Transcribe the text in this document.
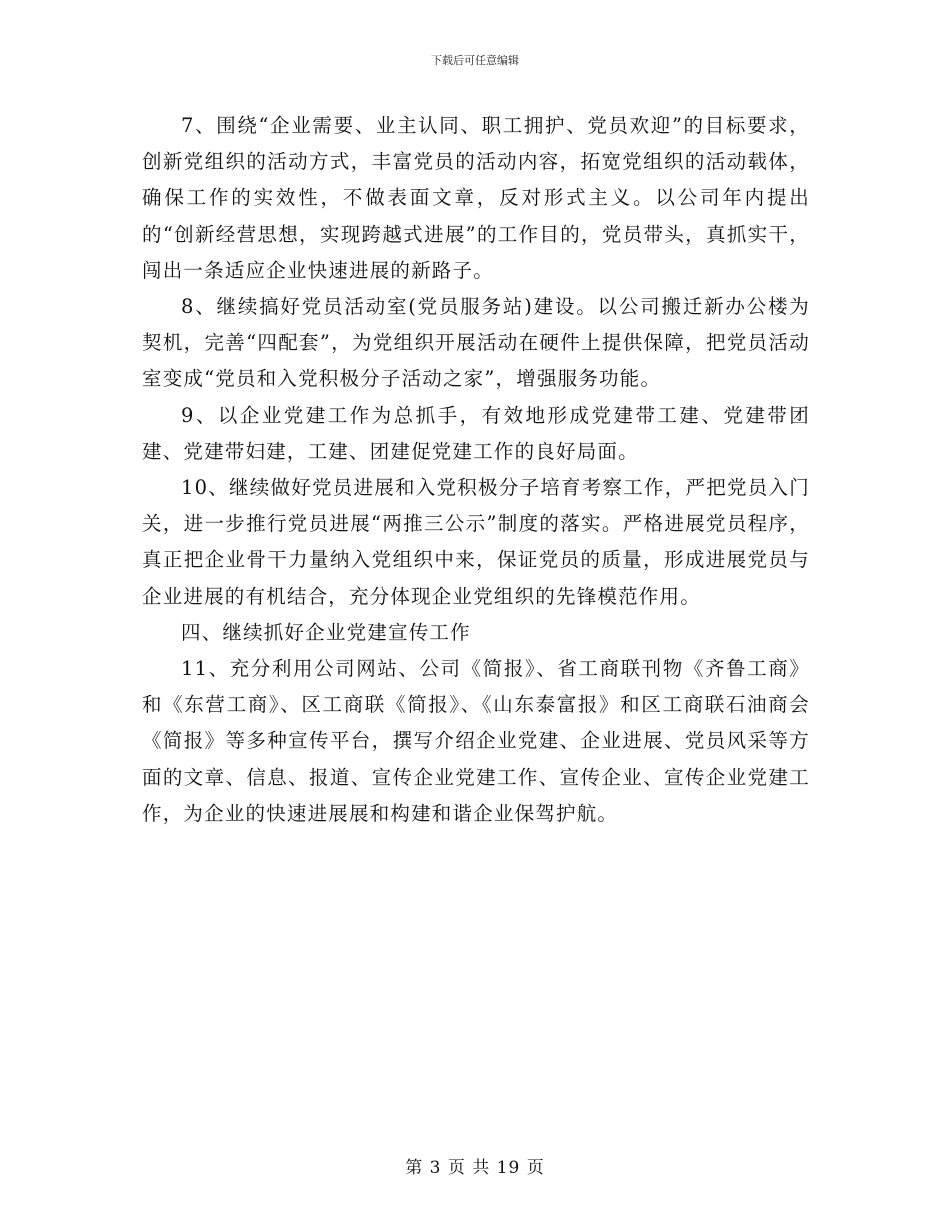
下载后可任意编辑

7、围绕“企业需要、业主认同、职工拥护、党员欢迎”的目标要求，创新党组织的活动方式，丰富党员的活动内容，拓宽党组织的活动载体，确保工作的实效性，不做表面文章，反对形式主义。以公司年内提出的“创新经营思想，实现跨越式进展”的工作目的，党员带头，真抓实干，闯出一条适应企业快速进展的新路子。

8、继续搞好党员活动室(党员服务站)建设。以公司搬迁新办公楼为契机，完善“四配套”，为党组织开展活动在硬件上提供保障，把党员活动室变成“党员和入党积极分子活动之家”，增强服务功能。

9、以企业党建工作为总抓手，有效地形成党建带工建、党建带团建、党建带妇建，工建、团建促党建工作的良好局面。

10、继续做好党员进展和入党积极分子培育考察工作，严把党员入门关，进一步推行党员进展“两推三公示”制度的落实。严格进展党员程序，真正把企业骨干力量纳入党组织中来，保证党员的质量，形成进展党员与企业进展的有机结合，充分体现企业党组织的先锋模范作用。

四、继续抓好企业党建宣传工作

11、充分利用公司网站、公司《简报》、省工商联刊物《齐鲁工商》和《东营工商》、区工商联《简报》、《山东泰富报》和区工商联石油商会《简报》等多种宣传平台，撰写介绍企业党建、企业进展、党员风采等方面的文章、信息、报道、宣传企业党建工作、宣传企业、宣传企业党建工作，为企业的快速进展展和构建和谐企业保驾护航。

第 3 页 共 19 页
